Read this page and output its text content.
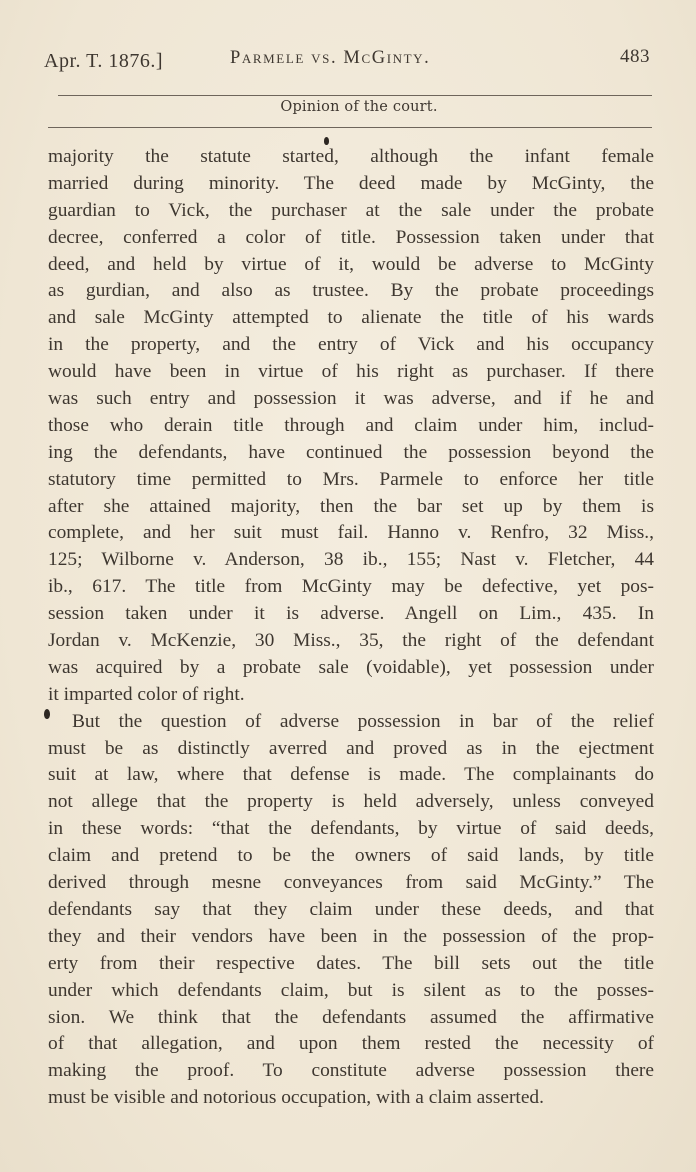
Apr. T. 1876.]	Parmele vs. McGinty.	483
Opinion of the court.
majority the statute started, although the infant female
married during minority. The deed made by McGinty, the
guardian to Vick, the purchaser at the sale under the probate
decree, conferred a color of title. Possession taken under that
deed, and held by virtue of it, would be adverse to McGinty
as gurdian, and also as trustee. By the probate proceedings
and sale McGinty attempted to alienate the title of his wards
in the property, and the entry of Vick and his occupancy
would have been in virtue of his right as purchaser. If there
was such entry and possession it was adverse, and if he and
those who derain title through and claim under him, includ-
ing the defendants, have continued the possession beyond the
statutory time permitted to Mrs. Parmele to enforce her title
after she attained majority, then the bar set up by them is
complete, and her suit must fail. Hanno v. Renfro, 32 Miss.,
125; Wilborne v. Anderson, 38 ib., 155; Nast v. Fletcher, 44
ib., 617. The title from McGinty may be defective, yet pos-
session taken under it is adverse. Angell on Lim., 435. In
Jordan v. McKenzie, 30 Miss., 35, the right of the defendant
was acquired by a probate sale (voidable), yet possession under
it imparted color of right.
But the question of adverse possession in bar of the relief
must be as distinctly averred and proved as in the ejectment
suit at law, where that defense is made. The complainants do
not allege that the property is held adversely, unless conveyed
in these words: “that the defendants, by virtue of said deeds,
claim and pretend to be the owners of said lands, by title
derived through mesne conveyances from said McGinty.” The
defendants say that they claim under these deeds, and that
they and their vendors have been in the possession of the prop-
erty from their respective dates. The bill sets out the title
under which defendants claim, but is silent as to the posses-
sion. We think that the defendants assumed the affirmative
of that allegation, and upon them rested the necessity of
making the proof. To constitute adverse possession there
must be visible and notorious occupation, with a claim asserted.
